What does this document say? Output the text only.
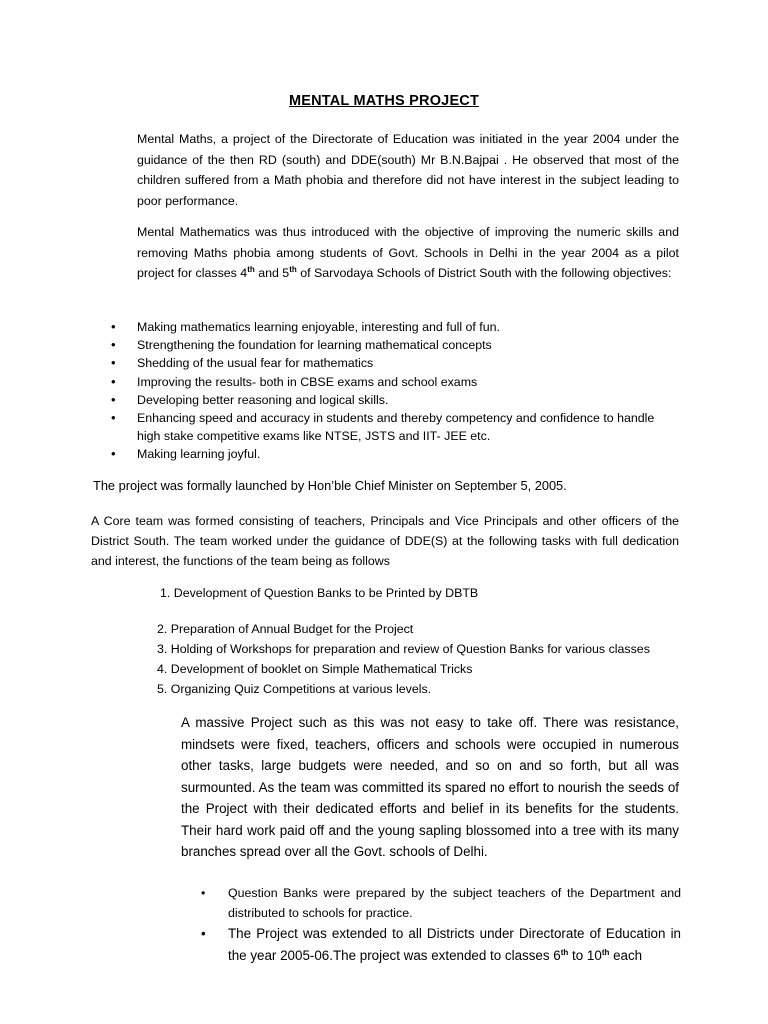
MENTAL MATHS PROJECT

Mental Maths, a project of the Directorate of Education was initiated in the year 2004 under the guidance of the then RD (south) and DDE(south) Mr B.N.Bajpai . He observed that most of the children suffered from a Math phobia and therefore did not have interest in the subject leading to poor performance.

Mental Mathematics was thus introduced with the objective of improving the numeric skills and removing Maths phobia among students of Govt. Schools in Delhi in the year 2004 as a pilot project for classes 4th and 5th of Sarvodaya Schools of District South with the following objectives:

• Making mathematics learning enjoyable, interesting and full of fun.
• Strengthening the foundation for learning mathematical concepts
• Shedding of the usual fear for mathematics
• Improving the results- both in CBSE exams and school exams
• Developing better reasoning and logical skills.
• Enhancing speed and accuracy in students and thereby competency and confidence to handle high stake competitive exams like NTSE, JSTS and IIT- JEE etc.
• Making learning joyful.
The project was formally launched by Hon’ble Chief Minister on September 5, 2005.

A Core team was formed consisting of teachers, Principals and Vice Principals and other officers of the District South. The team worked under the guidance of DDE(S) at the following tasks with full dedication and interest, the functions of the team being as follows

1. Development of Question Banks to be Printed by DBTB
2. Preparation of Annual Budget for the Project
3. Holding of Workshops for preparation and review of Question Banks for various classes
4. Development of booklet on Simple Mathematical Tricks
5. Organizing Quiz Competitions at various levels.

A massive Project such as this was not easy to take off. There was resistance, mindsets were fixed, teachers, officers and schools were occupied in numerous other tasks, large budgets were needed, and so on and so forth, but all was surmounted. As the team was committed its spared no effort to nourish the seeds of the Project with their dedicated efforts and belief in its benefits for the students. Their hard work paid off and the young sapling blossomed into a tree with its many branches spread over all the Govt. schools of Delhi.

• Question Banks were prepared by the subject teachers of the Department and distributed to schools for practice.
• The Project was extended to all Districts under Directorate of Education in the year 2005-06.The project was extended to classes 6th to 10th each
